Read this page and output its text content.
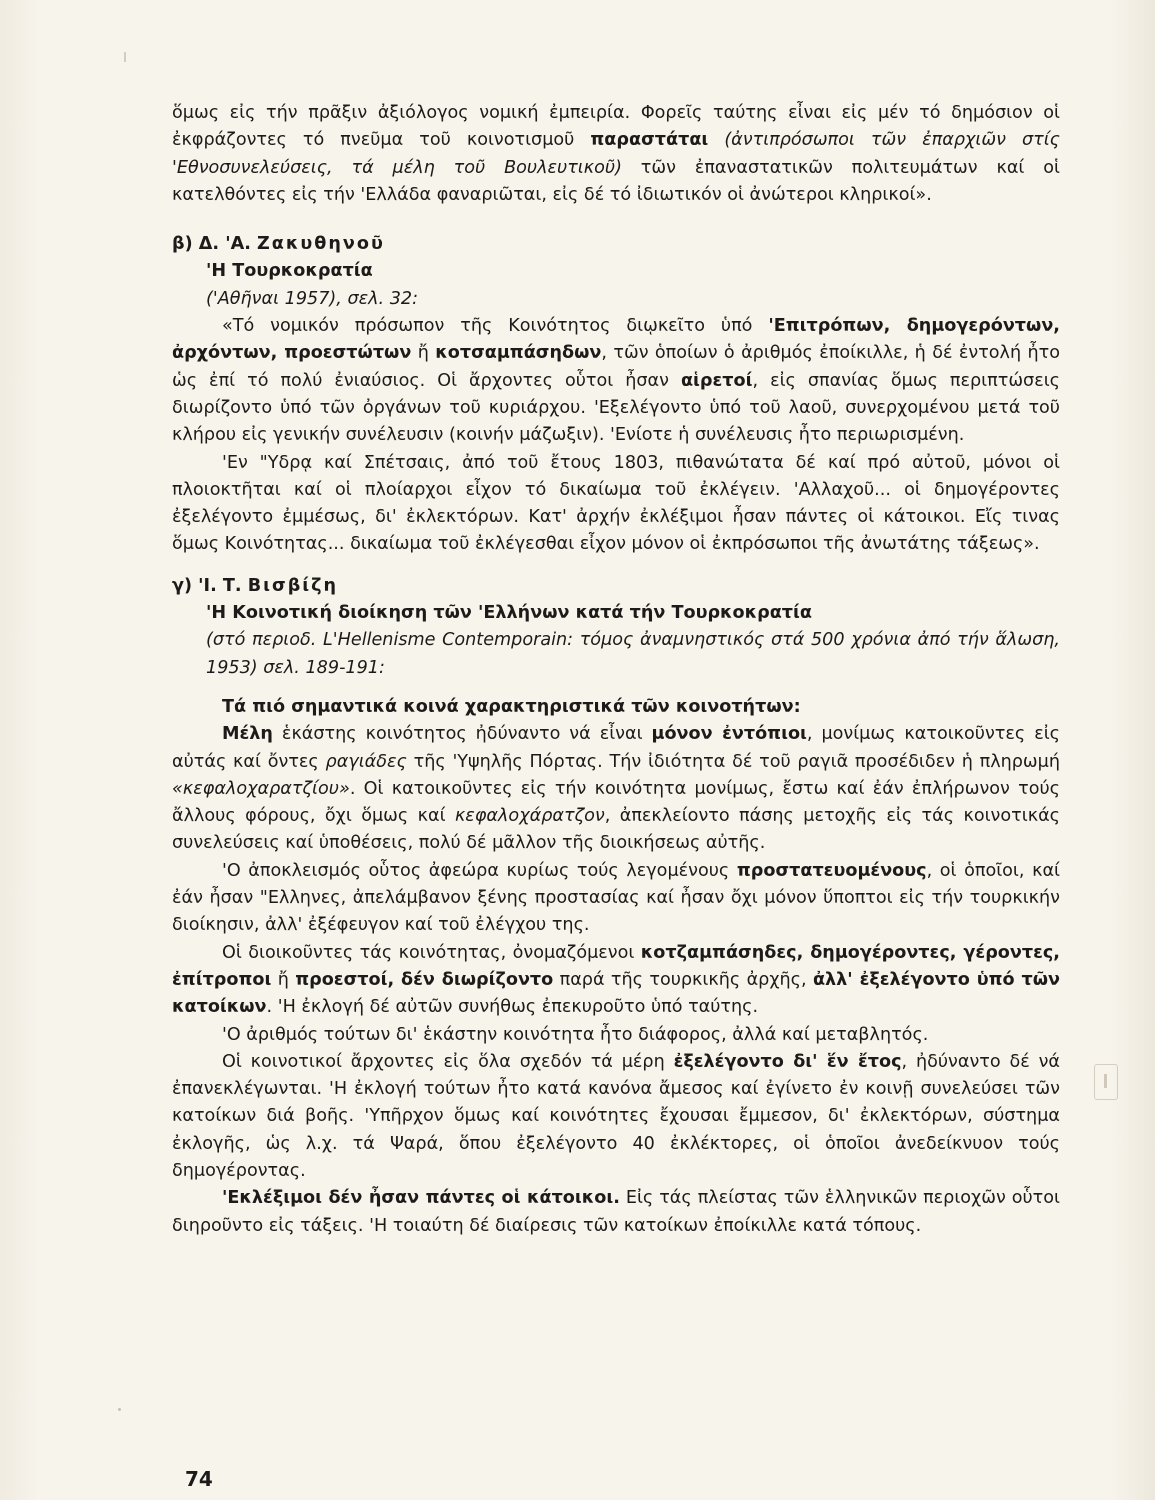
ὅμως εἰς τήν πρᾶξιν ἀξιόλογος νομική ἐμπειρία. Φορεῖς ταύτης εἶναι εἰς μέν τό δημόσιον οἱ ἐκφράζοντες τό πνεῦμα τοῦ κοινοτισμοῦ παραστάται (ἀντιπρόσωποι τῶν ἐπαρχιῶν στίς 'Εθνοσυνελεύσεις, τά μέλη τοῦ Βουλευτικοῦ) τῶν ἐπαναστατικῶν πολιτευμάτων καί οἱ κατελθόντες εἰς τήν 'Ελλάδα φαναριῶται, εἰς δέ τό ἰδιωτικόν οἱ ἀνώτεροι κληρικοί».

β) Δ. 'Α. Ζακυθηνοῦ

'Η Τουρκοκρατία

('Αθῆναι 1957), σελ. 32:

«Τό νομικόν πρόσωπον τῆς Κοινότητος διῳκεῖτο ὑπό 'Επιτρόπων, δημογερόντων, ἀρχόντων, προεστώτων ἤ κοτσαμπάσηδων, τῶν ὁποίων ὁ ἀριθμός ἐποίκιλλε, ἡ δέ ἐντολή ἦτο ὡς ἐπί τό πολύ ἐνιαύσιος. Οἱ ἄρχοντες οὗτοι ἦσαν αἱρετοί, εἰς σπανίας ὅμως περιπτώσεις διωρίζοντο ὑπό τῶν ὀργάνων τοῦ κυριάρχου. 'Εξελέγοντο ὑπό τοῦ λαοῦ, συνερχομένου μετά τοῦ κλήρου εἰς γενικήν συνέλευσιν (κοινήν μάζωξιν). 'Ενίοτε ἡ συνέλευσις ἦτο περιωρισμένη.

'Εν "Υδρᾳ καί Σπέτσαις, ἀπό τοῦ ἔτους 1803, πιθανώτατα δέ καί πρό αὐτοῦ, μόνοι οἱ πλοιοκτῆται καί οἱ πλοίαρχοι εἶχον τό δικαίωμα τοῦ ἐκλέγειν. 'Αλλαχοῦ... οἱ δημογέροντες ἐξελέγοντο ἐμμέσως, δι' ἐκλεκτόρων. Κατ' ἀρχήν ἐκλέξιμοι ἦσαν πάντες οἱ κάτοικοι. Εἴς τινας ὅμως Κοινότητας... δικαίωμα τοῦ ἐκλέγεσθαι εἶχον μόνον οἱ ἐκπρόσωποι τῆς ἀνωτάτης τάξεως».

γ) 'Ι. Τ. Βισβίζη

'Η Κοινοτική διοίκηση τῶν 'Ελλήνων κατά τήν Τουρκοκρατία

(στό περιοδ. L'Hellenisme Contemporain: τόμος ἀναμνηστικός στά 500 χρόνια ἀπό τήν ἅλωση, 1953) σελ. 189-191:

Τά πιό σημαντικά κοινά χαρακτηριστικά τῶν κοινοτήτων:

Μέλη ἑκάστης κοινότητος ἠδύναντο νά εἶναι μόνον ἐντόπιοι, μονίμως κατοικοῦντες εἰς αὐτάς καί ὄντες ραγιάδες τῆς 'Υψηλῆς Πόρτας. Τήν ἰδιότητα δέ τοῦ ραγιᾶ προσέδιδεν ἡ πληρωμή «κεφαλοχαρατζίου». Οἱ κατοικοῦντες εἰς τήν κοινότητα μονίμως, ἔστω καί ἐάν ἐπλήρωνον τούς ἄλλους φόρους, ὄχι ὅμως καί κεφαλοχάρατζον, ἀπεκλείοντο πάσης μετοχῆς εἰς τάς κοινοτικάς συνελεύσεις καί ὑποθέσεις, πολύ δέ μᾶλλον τῆς διοικήσεως αὐτῆς.

'Ο ἀποκλεισμός οὗτος ἀφεώρα κυρίως τούς λεγομένους προστατευομένους, οἱ ὁποῖοι, καί ἐάν ἦσαν "Ελληνες, ἀπελάμβανον ξένης προστασίας καί ἦσαν ὄχι μόνον ὕποπτοι εἰς τήν τουρκικήν διοίκησιν, ἀλλ' ἐξέφευγον καί τοῦ ἐλέγχου της.

Οἱ διοικοῦντες τάς κοινότητας, ὀνομαζόμενοι κοτζαμπάσηδες, δημογέροντες, γέροντες, ἐπίτροποι ἤ προεστοί, δέν διωρίζοντο παρά τῆς τουρκικῆς ἀρχῆς, ἀλλ' ἐξελέγοντο ὑπό τῶν κατοίκων. 'Η ἐκλογή δέ αὐτῶν συνήθως ἐπεκυροῦτο ὑπό ταύτης.

'Ο ἀριθμός τούτων δι' ἑκάστην κοινότητα ἦτο διάφορος, ἀλλά καί μεταβλητός.

Οἱ κοινοτικοί ἄρχοντες εἰς ὅλα σχεδόν τά μέρη ἐξελέγοντο δι' ἕν ἔτος, ἠδύναντο δέ νά ἐπανεκλέγωνται. 'Η ἐκλογή τούτων ἦτο κατά κανόνα ἄμεσος καί ἐγίνετο ἐν κοινῇ συνελεύσει τῶν κατοίκων διά βοῆς. 'Υπῆρχον ὅμως καί κοινότητες ἔχουσαι ἔμμεσον, δι' ἐκλεκτόρων, σύστημα ἐκλογῆς, ὡς λ.χ. τά Ψαρά, ὅπου ἐξελέγοντο 40 ἐκλέκτορες, οἱ ὁποῖοι ἀνεδείκνυον τούς δημογέροντας.

'Εκλέξιμοι δέν ἦσαν πάντες οἱ κάτοικοι. Εἰς τάς πλείστας τῶν ἑλληνικῶν περιοχῶν οὗτοι διηροῦντο εἰς τάξεις. 'Η τοιαύτη δέ διαίρεσις τῶν κατοίκων ἐποίκιλλε κατά τόπους.

74
